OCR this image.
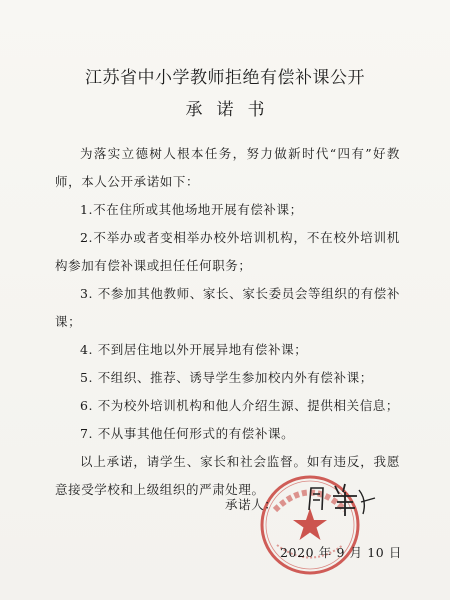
江苏省中小学教师拒绝有偿补课公开
承诺书
为落实立德树人根本任务，努力做新时代“四有”好教师，本人公开承诺如下：
1.不在住所或其他场地开展有偿补课；
2.不举办或者变相举办校外培训机构，不在校外培训机构参加有偿补课或担任任何职务；
3. 不参加其他教师、家长、家长委员会等组织的有偿补课；
4. 不到居住地以外开展异地有偿补课；
5. 不组织、推荐、诱导学生参加校内外有偿补课；
6. 不为校外培训机构和他人介绍生源、提供相关信息；
7. 不从事其他任何形式的有偿补课。
以上承诺，请学生、家长和社会监督。如有违反，我愿意接受学校和上级组织的严肃处理。
承诺人：
2020 年 9 月 10 日
